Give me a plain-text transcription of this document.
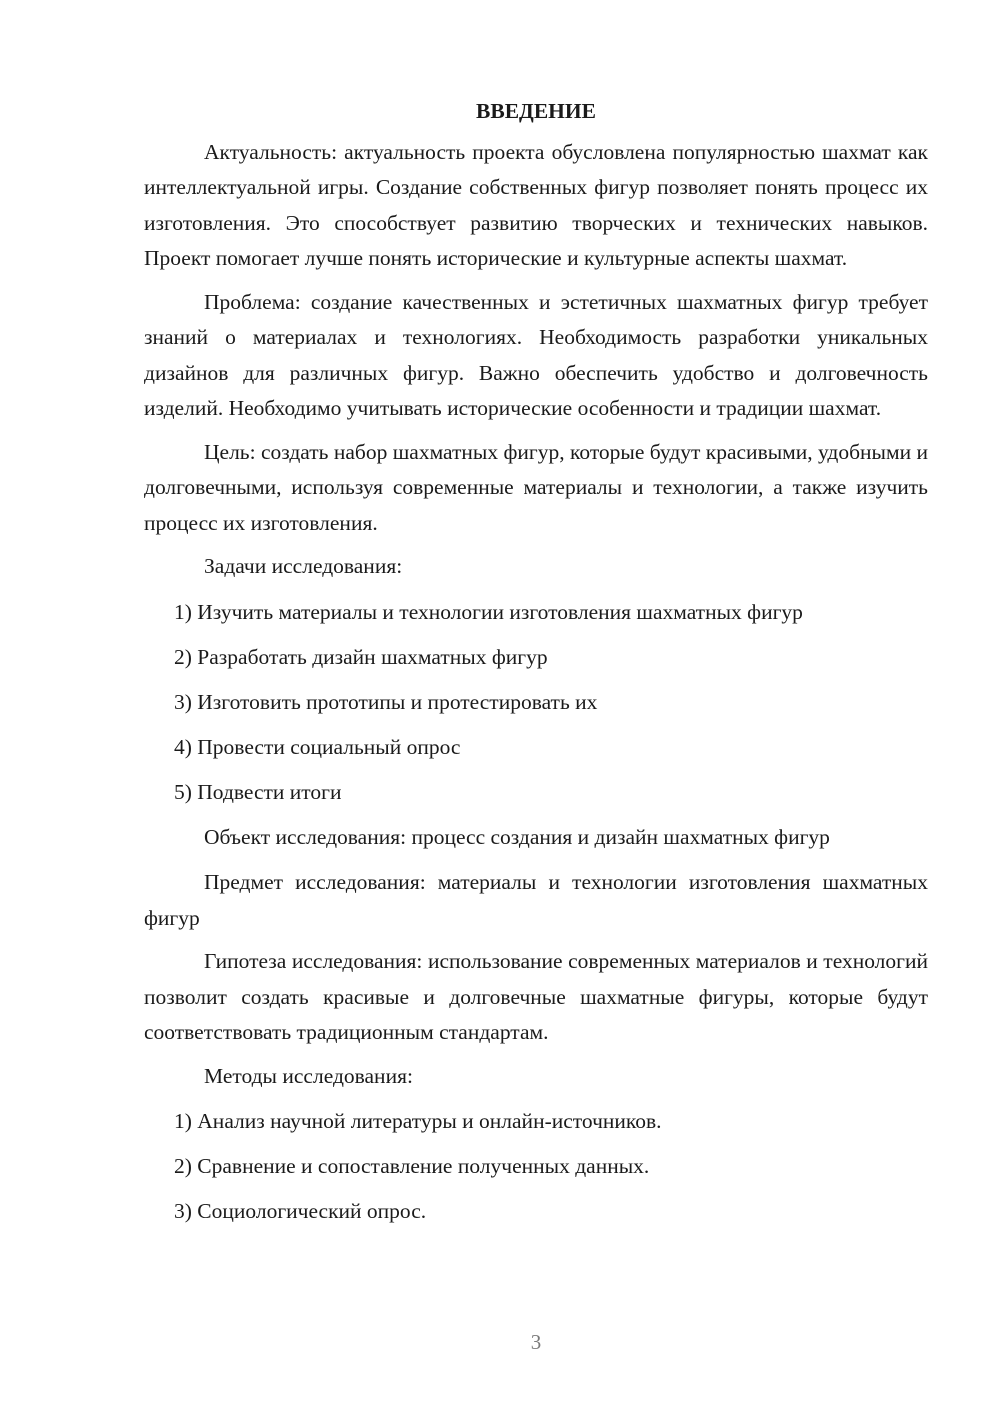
ВВЕДЕНИЕ

Актуальность: актуальность проекта обусловлена популярностью шахмат как интеллектуальной игры. Создание собственных фигур позволяет понять процесс их изготовления. Это способствует развитию творческих и технических навыков. Проект помогает лучше понять исторические и культурные аспекты шахмат.

Проблема: создание качественных и эстетичных шахматных фигур требует знаний о материалах и технологиях. Необходимость разработки уникальных дизайнов для различных фигур. Важно обеспечить удобство и долговечность изделий. Необходимо учитывать исторические особенности и традиции шахмат.

Цель: создать набор шахматных фигур, которые будут красивыми, удобными и долговечными, используя современные материалы и технологии, а также изучить процесс их изготовления.

Задачи исследования:
1) Изучить материалы и технологии изготовления шахматных фигур
2) Разработать дизайн шахматных фигур
3) Изготовить прототипы и протестировать их
4) Провести социальный опрос
5) Подвести итоги
Объект исследования: процесс создания и дизайн шахматных фигур

Предмет исследования: материалы и технологии изготовления шахматных фигур

Гипотеза исследования: использование современных материалов и технологий позволит создать красивые и долговечные шахматные фигуры, которые будут соответствовать традиционным стандартам.

Методы исследования:
1) Анализ научной литературы и онлайн-источников.
2) Сравнение и сопоставление полученных данных.
3) Социологический опрос.
3
